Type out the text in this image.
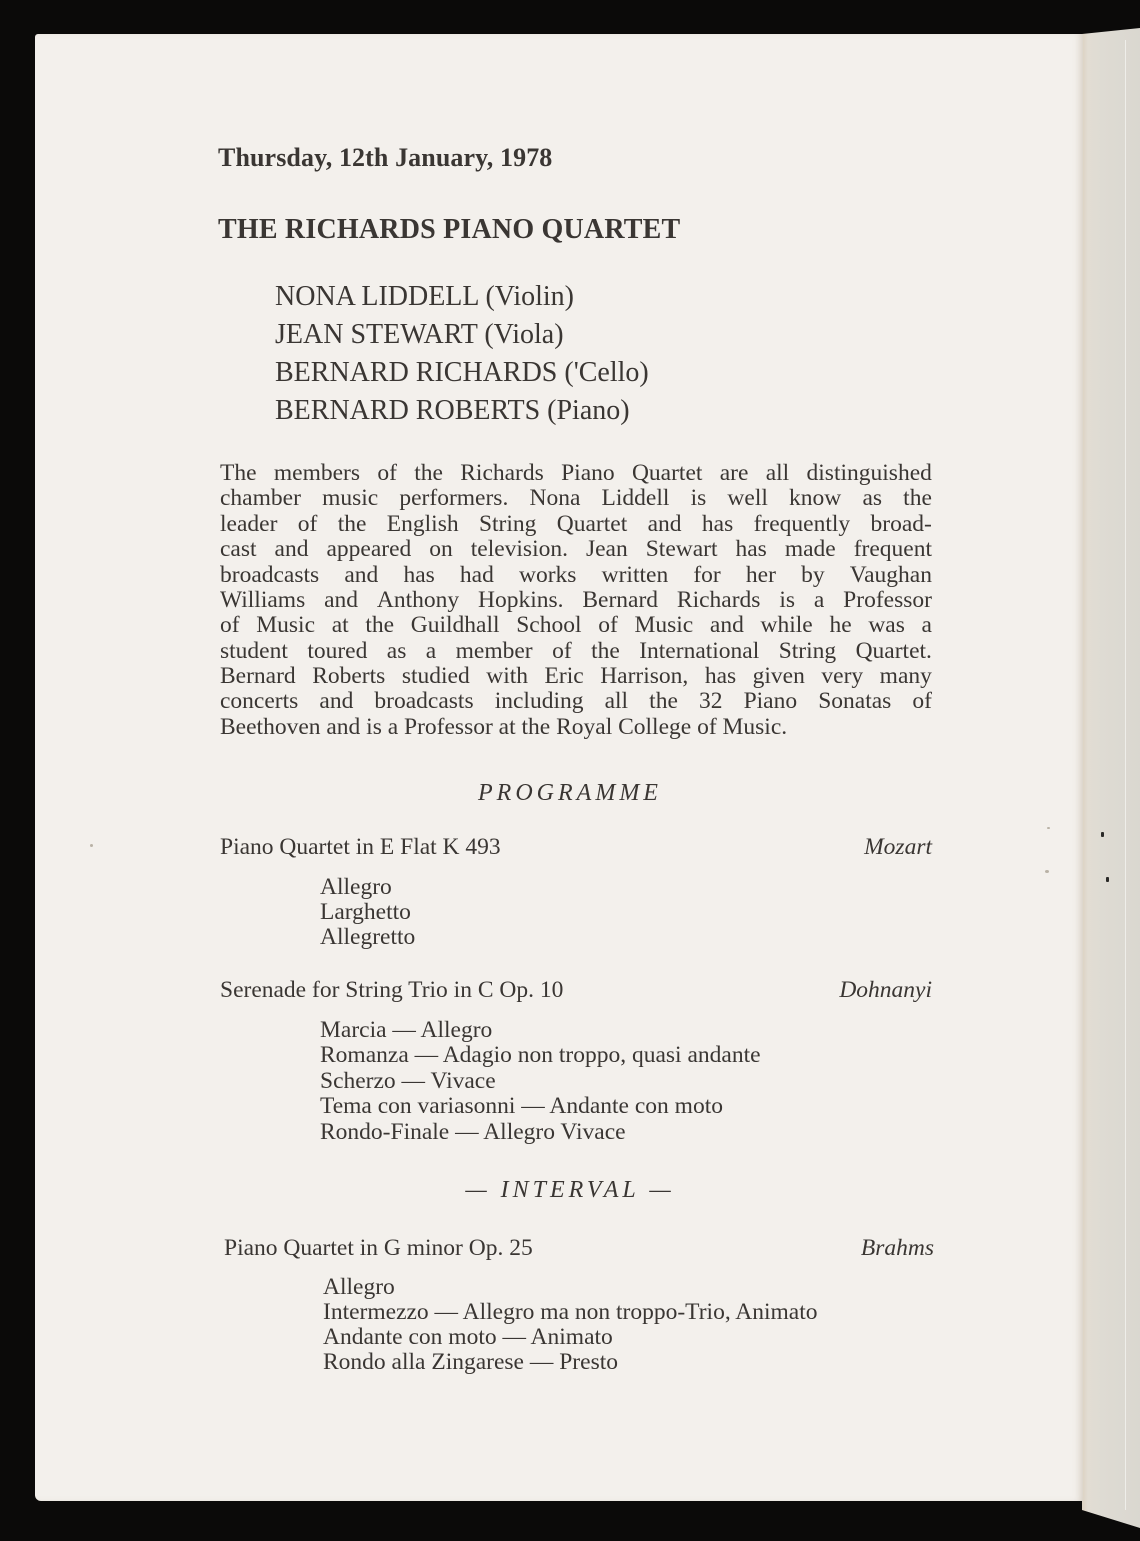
Thursday, 12th January, 1978
THE RICHARDS PIANO QUARTET
NONA LIDDELL (Violin)
JEAN STEWART (Viola)
BERNARD RICHARDS ('Cello)
BERNARD ROBERTS (Piano)
The members of the Richards Piano Quartet are all distinguished
chamber music performers. Nona Liddell is well know as the
leader of the English String Quartet and has frequently broad-
cast and appeared on television. Jean Stewart has made frequent
broadcasts and has had works written for her by Vaughan
Williams and Anthony Hopkins. Bernard Richards is a Professor
of Music at the Guildhall School of Music and while he was a
student toured as a member of the International String Quartet.
Bernard Roberts studied with Eric Harrison, has given very many
concerts and broadcasts including all the 32 Piano Sonatas of
Beethoven and is a Professor at the Royal College of Music.
PROGRAMME
Piano Quartet in E Flat K 493	Mozart
Allegro
Larghetto
Allegretto
Serenade for String Trio in C Op. 10	Dohnanyi
Marcia — Allegro
Romanza — Adagio non troppo, quasi andante
Scherzo — Vivace
Tema con variasonni — Andante con moto
Rondo-Finale — Allegro Vivace
— INTERVAL —
Piano Quartet in G minor Op. 25	Brahms
Allegro
Intermezzo — Allegro ma non troppo-Trio, Animato
Andante con moto — Animato
Rondo alla Zingarese — Presto
